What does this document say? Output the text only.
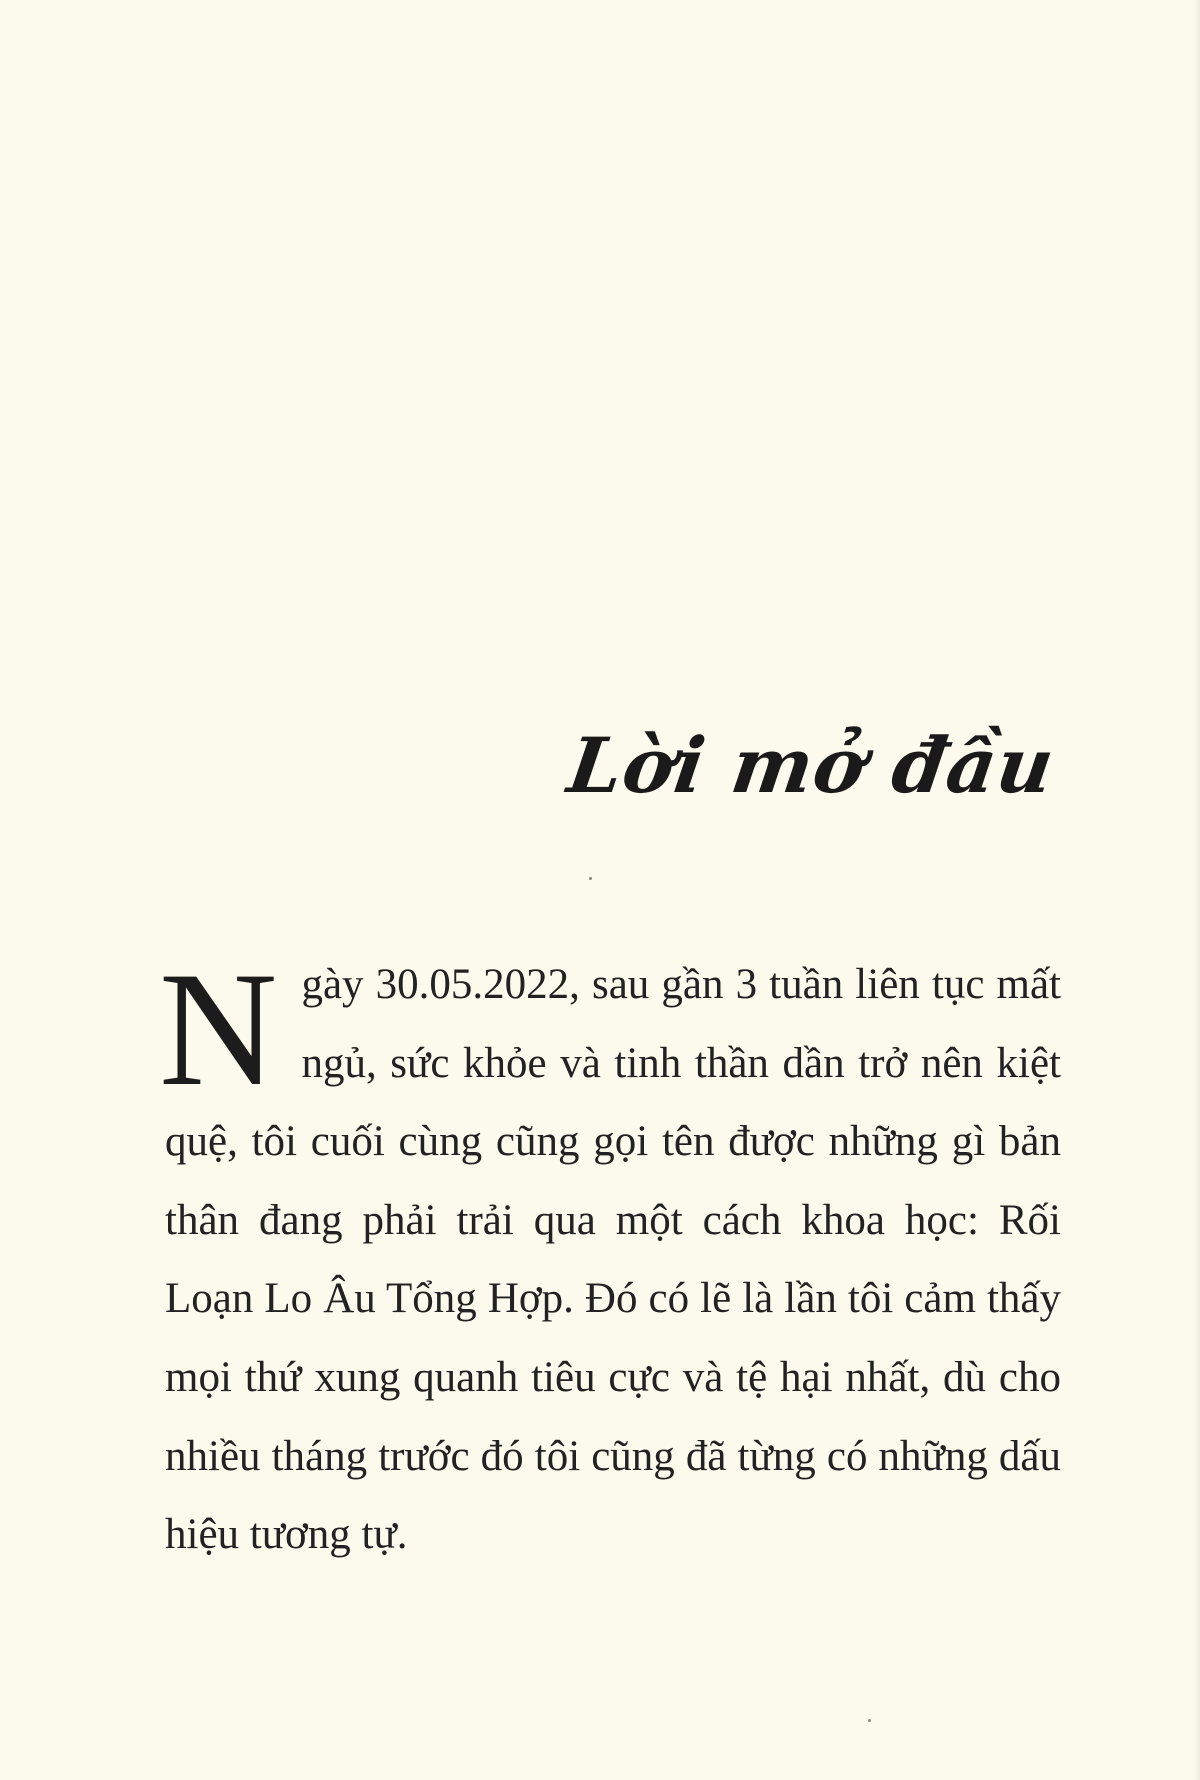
Lời mở đầu
Ngày 30.05.2022, sau gần 3 tuần liên tục mất ngủ, sức khỏe và tinh thần dần trở nên kiệt quệ, tôi cuối cùng cũng gọi tên được những gì bản thân đang phải trải qua một cách khoa học: Rối Loạn Lo Âu Tổng Hợp. Đó có lẽ là lần tôi cảm thấy mọi thứ xung quanh tiêu cực và tệ hại nhất, dù cho nhiều tháng trước đó tôi cũng đã từng có những dấu hiệu tương tự.
